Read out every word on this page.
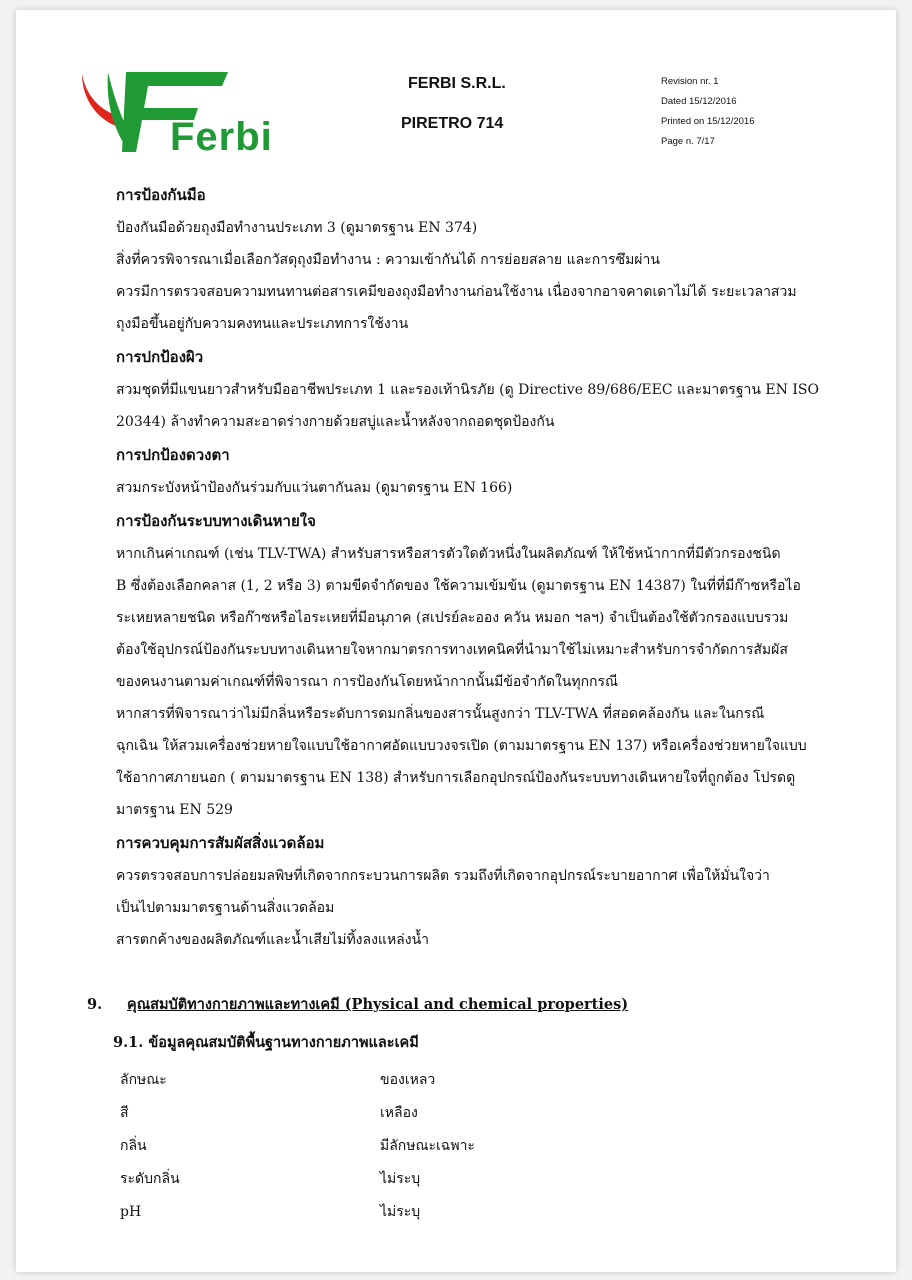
Ferbi
FERBI S.R.L.
PIRETRO 714
Revision nr. 1
Dated 15/12/2016
Printed on 15/12/2016
Page n. 7/17
การป้องกันมือ
ป้องกันมือด้วยถุงมือทำงานประเภท 3 (ดูมาตรฐาน EN 374)
สิ่งที่ควรพิจารณาเมื่อเลือกวัสดุถุงมือทำงาน : ความเข้ากันได้ การย่อยสลาย และการซึมผ่าน
ควรมีการตรวจสอบความทนทานต่อสารเคมีของถุงมือทำงานก่อนใช้งาน เนื่องจากอาจคาดเดาไม่ได้ ระยะเวลาสวม
ถุงมือขึ้นอยู่กับความคงทนและประเภทการใช้งาน
การปกป้องผิว
สวมชุดที่มีแขนยาวสำหรับมืออาชีพประเภท 1 และรองเท้านิรภัย (ดู Directive 89/686/EEC และมาตรฐาน EN ISO
20344) ล้างทำความสะอาดร่างกายด้วยสบู่และน้ำหลังจากถอดชุดป้องกัน
การปกป้องดวงตา
สวมกระบังหน้าป้องกันร่วมกับแว่นตากันลม (ดูมาตรฐาน EN 166)
การป้องกันระบบทางเดินหายใจ
หากเกินค่าเกณฑ์ (เช่น TLV-TWA) สำหรับสารหรือสารตัวใดตัวหนึ่งในผลิตภัณฑ์ ให้ใช้หน้ากากที่มีตัวกรองชนิด
B ซึ่งต้องเลือกคลาส (1, 2 หรือ 3) ตามขีดจำกัดของ ใช้ความเข้มข้น (ดูมาตรฐาน EN 14387) ในที่ที่มีก๊าซหรือไอ
ระเหยหลายชนิด หรือก๊าซหรือไอระเหยที่มีอนุภาค (สเปรย์ละออง ควัน หมอก ฯลฯ) จำเป็นต้องใช้ตัวกรองแบบรวม
ต้องใช้อุปกรณ์ป้องกันระบบทางเดินหายใจหากมาตรการทางเทคนิคที่นำมาใช้ไม่เหมาะสำหรับการจำกัดการสัมผัส
ของคนงานตามค่าเกณฑ์ที่พิจารณา การป้องกันโดยหน้ากากนั้นมีข้อจำกัดในทุกกรณี
หากสารที่พิจารณาว่าไม่มีกลิ่นหรือระดับการดมกลิ่นของสารนั้นสูงกว่า TLV-TWA ที่สอดคล้องกัน และในกรณี
ฉุกเฉิน ให้สวมเครื่องช่วยหายใจแบบใช้อากาศอัดแบบวงจรเปิด (ตามมาตรฐาน EN 137) หรือเครื่องช่วยหายใจแบบ
ใช้อากาศภายนอก ( ตามมาตรฐาน EN 138) สำหรับการเลือกอุปกรณ์ป้องกันระบบทางเดินหายใจที่ถูกต้อง โปรดดู
มาตรฐาน EN 529
การควบคุมการสัมผัสสิ่งแวดล้อม
ควรตรวจสอบการปล่อยมลพิษที่เกิดจากกระบวนการผลิต รวมถึงที่เกิดจากอุปกรณ์ระบายอากาศ เพื่อให้มั่นใจว่า
เป็นไปตามมาตรฐานด้านสิ่งแวดล้อม
สารตกค้างของผลิตภัณฑ์และน้ำเสียไม่ทิ้งลงแหล่งน้ำ
9. คุณสมบัติทางกายภาพและทางเคมี (Physical and chemical properties)
9.1. ข้อมูลคุณสมบัติพื้นฐานทางกายภาพและเคมี
ลักษณะ	ของเหลว
สี	เหลือง
กลิ่น	มีลักษณะเฉพาะ
ระดับกลิ่น	ไม่ระบุ
pH	ไม่ระบุ
